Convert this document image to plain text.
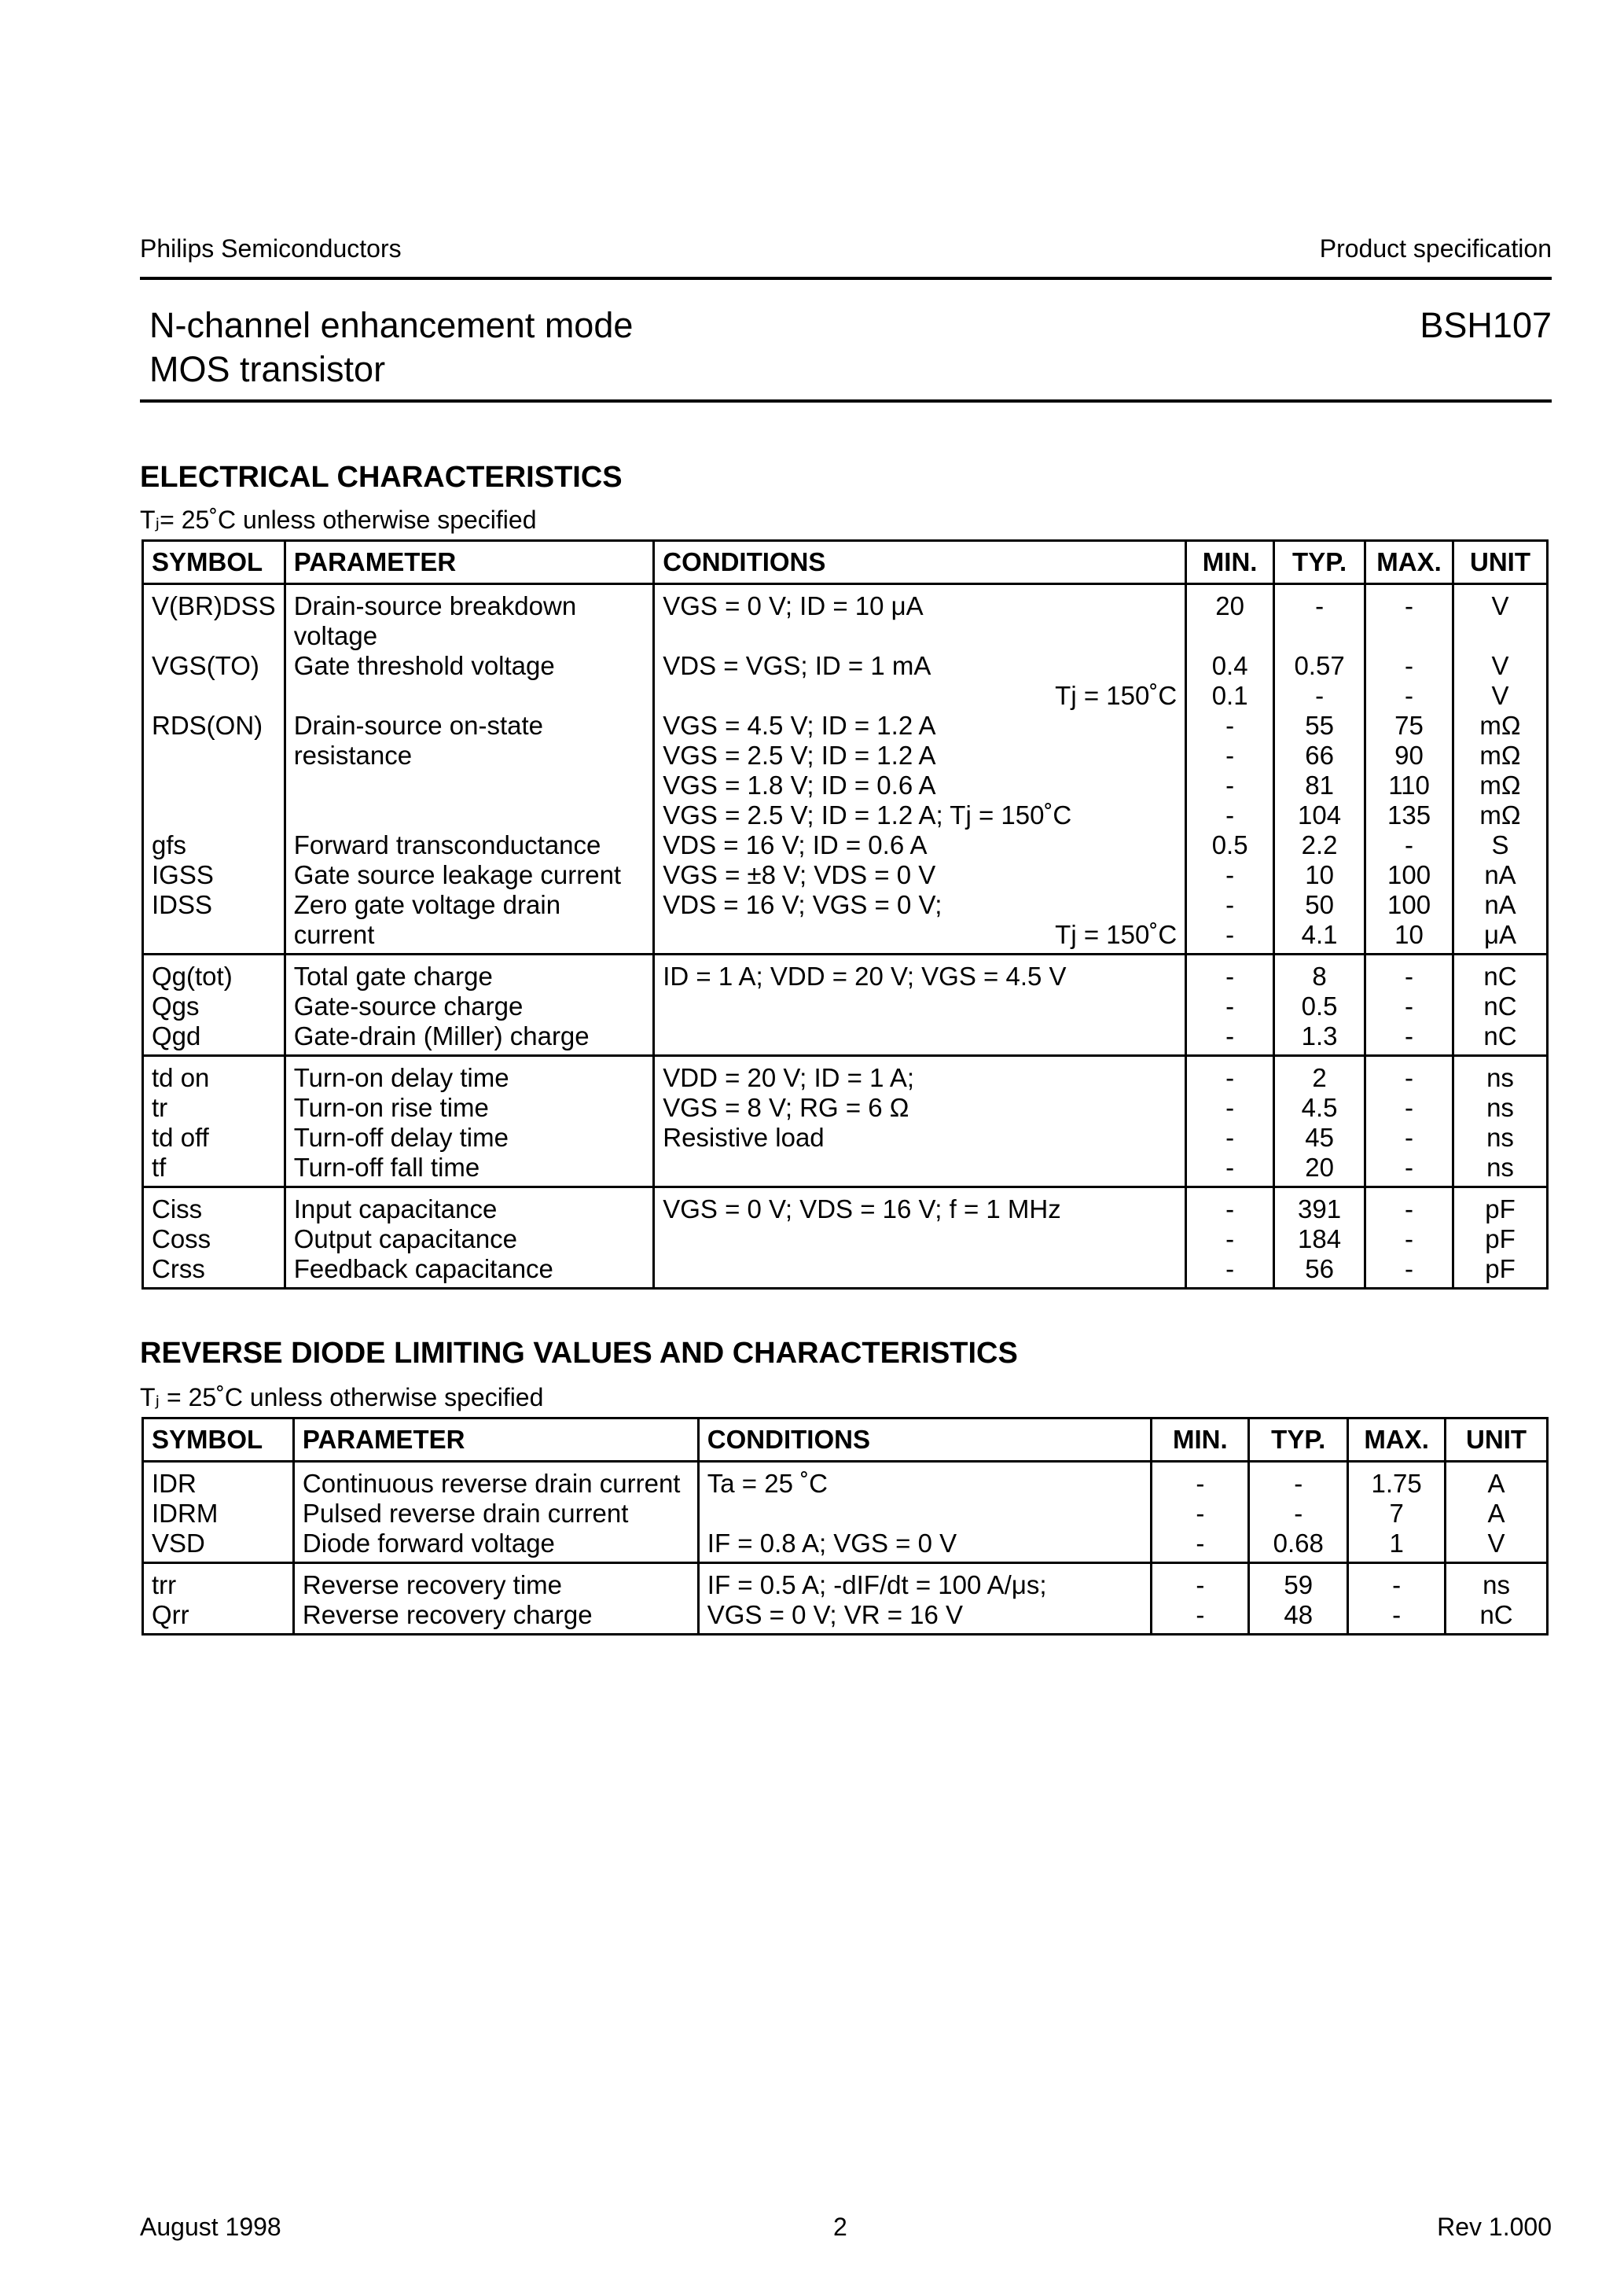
Philips Semiconductors	Product specification
N-channel enhancement mode
MOS transistor
BSH107
ELECTRICAL CHARACTERISTICS
Tⱼ= 25˚C unless otherwise specified
SYMBOL	PARAMETER	CONDITIONS	MIN.	TYP.	MAX.	UNIT
V(BR)DSS	Drain-source breakdown voltage	VGS = 0 V; ID = 10 μA	20	-	-	V
VGS(TO)	Gate threshold voltage	VDS = VGS; ID = 1 mA	0.4	0.57	-	V
		Tj = 150˚C	0.1	-	-	V
RDS(ON)	Drain-source on-state	VGS = 4.5 V; ID = 1.2 A	-	55	75	mΩ
	resistance	VGS = 2.5 V; ID = 1.2 A	-	66	90	mΩ
		VGS = 1.8 V; ID = 0.6 A	-	81	110	mΩ
		VGS = 2.5 V; ID = 1.2 A; Tj = 150˚C	-	104	135	mΩ
gfs	Forward transconductance	VDS = 16 V; ID = 0.6 A	0.5	2.2	-	S
IGSS	Gate source leakage current	VGS = ±8 V; VDS = 0 V	-	10	100	nA
IDSS	Zero gate voltage drain	VDS = 16 V; VGS = 0 V;	-	50	100	nA
	current	Tj = 150˚C	-	4.1	10	μA
Qg(tot)	Total gate charge	ID = 1 A; VDD = 20 V; VGS = 4.5 V	-	8	-	nC
Qgs	Gate-source charge		-	0.5	-	nC
Qgd	Gate-drain (Miller) charge		-	1.3	-	nC
td on	Turn-on delay time	VDD = 20 V; ID = 1 A;	-	2	-	ns
tr	Turn-on rise time	VGS = 8 V; RG = 6 Ω	-	4.5	-	ns
td off	Turn-off delay time	Resistive load	-	45	-	ns
tf	Turn-off fall time		-	20	-	ns
Ciss	Input capacitance	VGS = 0 V; VDS = 16 V; f = 1 MHz	-	391	-	pF
Coss	Output capacitance		-	184	-	pF
Crss	Feedback capacitance		-	56	-	pF
REVERSE DIODE LIMITING VALUES AND CHARACTERISTICS
Tⱼ = 25˚C unless otherwise specified
SYMBOL	PARAMETER	CONDITIONS	MIN.	TYP.	MAX.	UNIT
IDR	Continuous reverse drain current	Ta = 25 ˚C	-	-	1.75	A
IDRM	Pulsed reverse drain current		-	-	7	A
VSD	Diode forward voltage	IF = 0.8 A; VGS = 0 V	-	0.68	1	V
trr	Reverse recovery time	IF = 0.5 A; -dIF/dt = 100 A/μs;	-	59	-	ns
Qrr	Reverse recovery charge	VGS = 0 V; VR = 16 V	-	48	-	nC
August 1998	2	Rev 1.000
